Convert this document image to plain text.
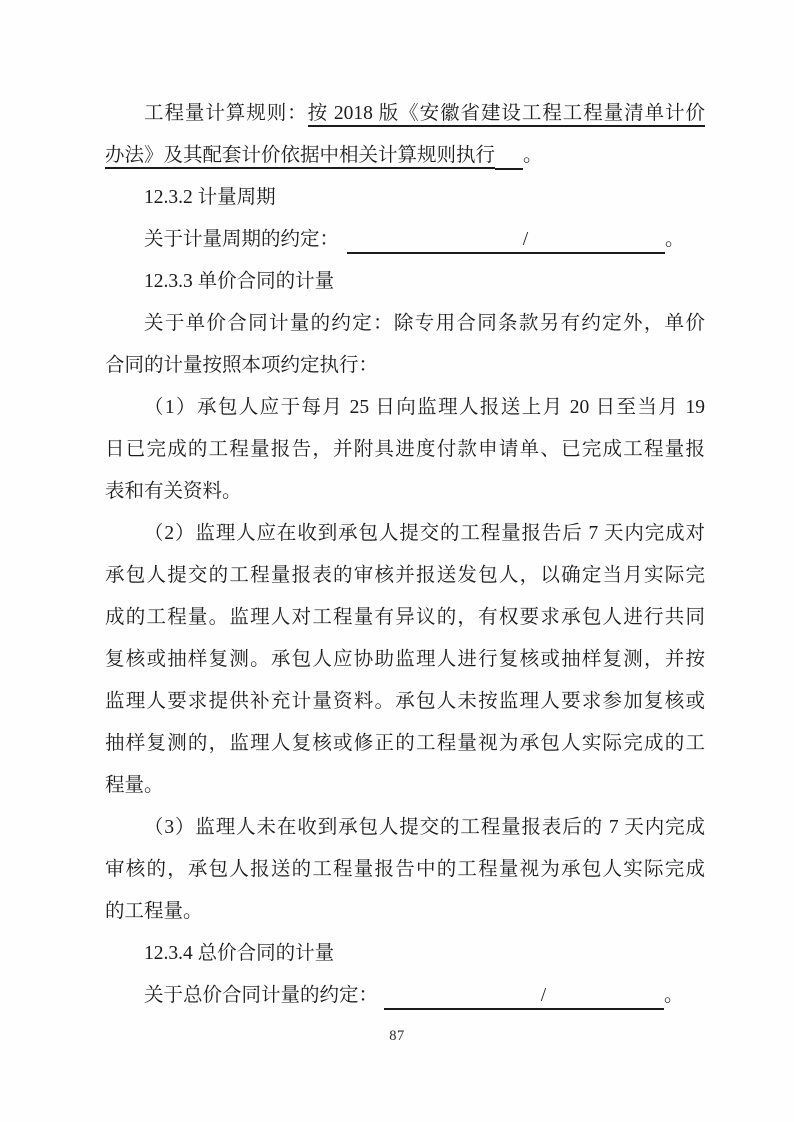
工程量计算规则：按 2018 版《安徽省建设工程工程量清单计价
办法》及其配套计价依据中相关计算规则执行 。
12.3.2 计量周期
关于计量周期的约定：	/	。
12.3.3 单价合同的计量
关于单价合同计量的约定：除专用合同条款另有约定外，单价
合同的计量按照本项约定执行：
（1）承包人应于每月 25 日向监理人报送上月 20 日至当月 19
日已完成的工程量报告，并附具进度付款申请单、已完成工程量报
表和有关资料。
（2）监理人应在收到承包人提交的工程量报告后 7 天内完成对
承包人提交的工程量报表的审核并报送发包人，以确定当月实际完
成的工程量。监理人对工程量有异议的，有权要求承包人进行共同
复核或抽样复测。承包人应协助监理人进行复核或抽样复测，并按
监理人要求提供补充计量资料。承包人未按监理人要求参加复核或
抽样复测的，监理人复核或修正的工程量视为承包人实际完成的工
程量。
（3）监理人未在收到承包人提交的工程量报表后的 7 天内完成
审核的，承包人报送的工程量报告中的工程量视为承包人实际完成
的工程量。
12.3.4 总价合同的计量
关于总价合同计量的约定：	/	。
87
